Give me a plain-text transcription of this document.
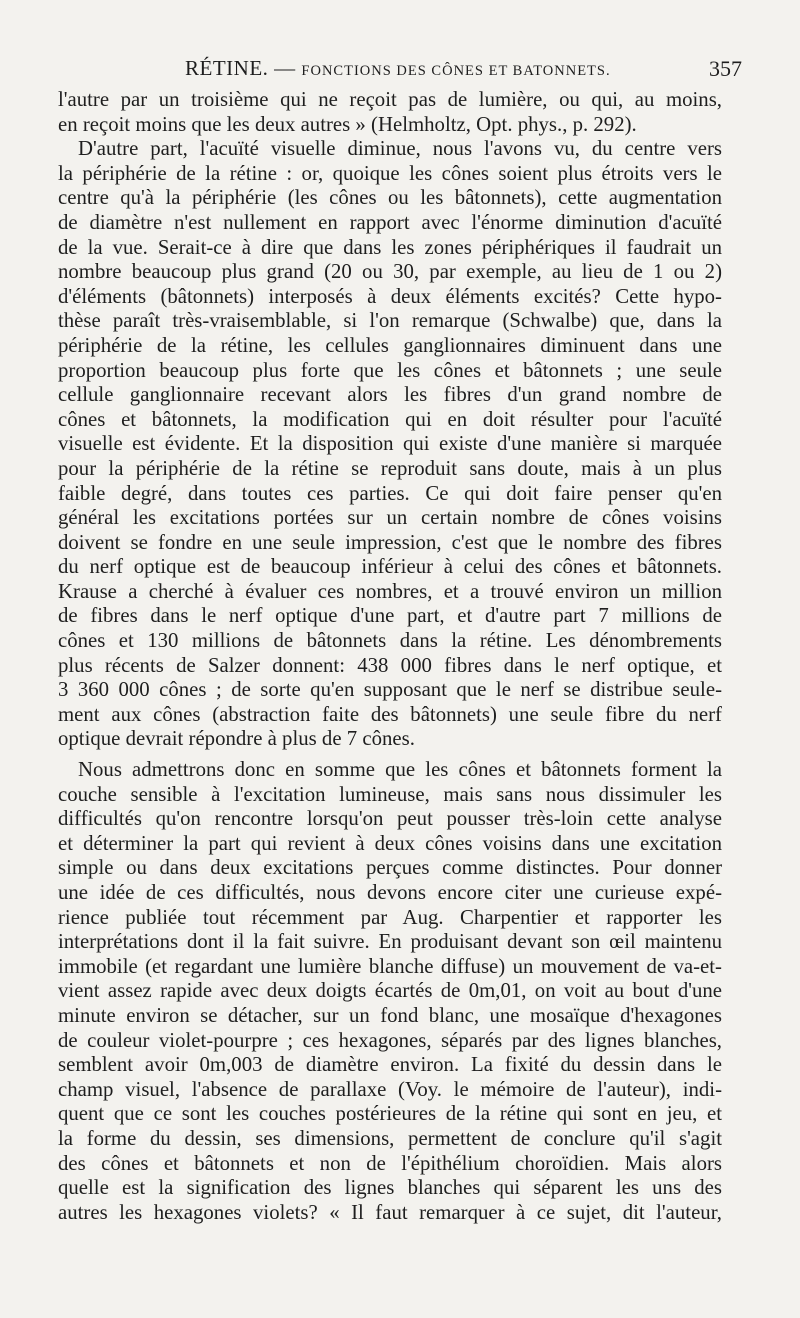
RÉTINE. — FONCTIONS DES CÔNES ET BATONNETS.	357
l'autre par un troisième qui ne reçoit pas de lumière, ou qui, au moins,
en reçoit moins que les deux autres » (Helmholtz, Opt. phys., p. 292).
D'autre part, l'acuïté visuelle diminue, nous l'avons vu, du centre vers
la périphérie de la rétine : or, quoique les cônes soient plus étroits vers le
centre qu'à la périphérie (les cônes ou les bâtonnets), cette augmentation
de diamètre n'est nullement en rapport avec l'énorme diminution d'acuïté
de la vue. Serait-ce à dire que dans les zones périphériques il faudrait un
nombre beaucoup plus grand (20 ou 30, par exemple, au lieu de 1 ou 2)
d'éléments (bâtonnets) interposés à deux éléments excités? Cette hypo-
thèse paraît très-vraisemblable, si l'on remarque (Schwalbe) que, dans la
périphérie de la rétine, les cellules ganglionnaires diminuent dans une
proportion beaucoup plus forte que les cônes et bâtonnets ; une seule
cellule ganglionnaire recevant alors les fibres d'un grand nombre de
cônes et bâtonnets, la modification qui en doit résulter pour l'acuïté
visuelle est évidente. Et la disposition qui existe d'une manière si marquée
pour la périphérie de la rétine se reproduit sans doute, mais à un plus
faible degré, dans toutes ces parties. Ce qui doit faire penser qu'en
général les excitations portées sur un certain nombre de cônes voisins
doivent se fondre en une seule impression, c'est que le nombre des fibres
du nerf optique est de beaucoup inférieur à celui des cônes et bâtonnets.
Krause a cherché à évaluer ces nombres, et a trouvé environ un million
de fibres dans le nerf optique d'une part, et d'autre part 7 millions de
cônes et 130 millions de bâtonnets dans la rétine. Les dénombrements
plus récents de Salzer donnent: 438 000 fibres dans le nerf optique, et
3 360 000 cônes ; de sorte qu'en supposant que le nerf se distribue seule-
ment aux cônes (abstraction faite des bâtonnets) une seule fibre du nerf
optique devrait répondre à plus de 7 cônes.
Nous admettrons donc en somme que les cônes et bâtonnets forment la
couche sensible à l'excitation lumineuse, mais sans nous dissimuler les
difficultés qu'on rencontre lorsqu'on peut pousser très-loin cette analyse
et déterminer la part qui revient à deux cônes voisins dans une excitation
simple ou dans deux excitations perçues comme distinctes. Pour donner
une idée de ces difficultés, nous devons encore citer une curieuse expé-
rience publiée tout récemment par Aug. Charpentier et rapporter les
interprétations dont il la fait suivre. En produisant devant son œil maintenu
immobile (et regardant une lumière blanche diffuse) un mouvement de va-et-
vient assez rapide avec deux doigts écartés de 0m,01, on voit au bout d'une
minute environ se détacher, sur un fond blanc, une mosaïque d'hexagones
de couleur violet-pourpre ; ces hexagones, séparés par des lignes blanches,
semblent avoir 0m,003 de diamètre environ. La fixité du dessin dans le
champ visuel, l'absence de parallaxe (Voy. le mémoire de l'auteur), indi-
quent que ce sont les couches postérieures de la rétine qui sont en jeu, et
la forme du dessin, ses dimensions, permettent de conclure qu'il s'agit
des cônes et bâtonnets et non de l'épithélium choroïdien. Mais alors
quelle est la signification des lignes blanches qui séparent les uns des
autres les hexagones violets? « Il faut remarquer à ce sujet, dit l'auteur,
